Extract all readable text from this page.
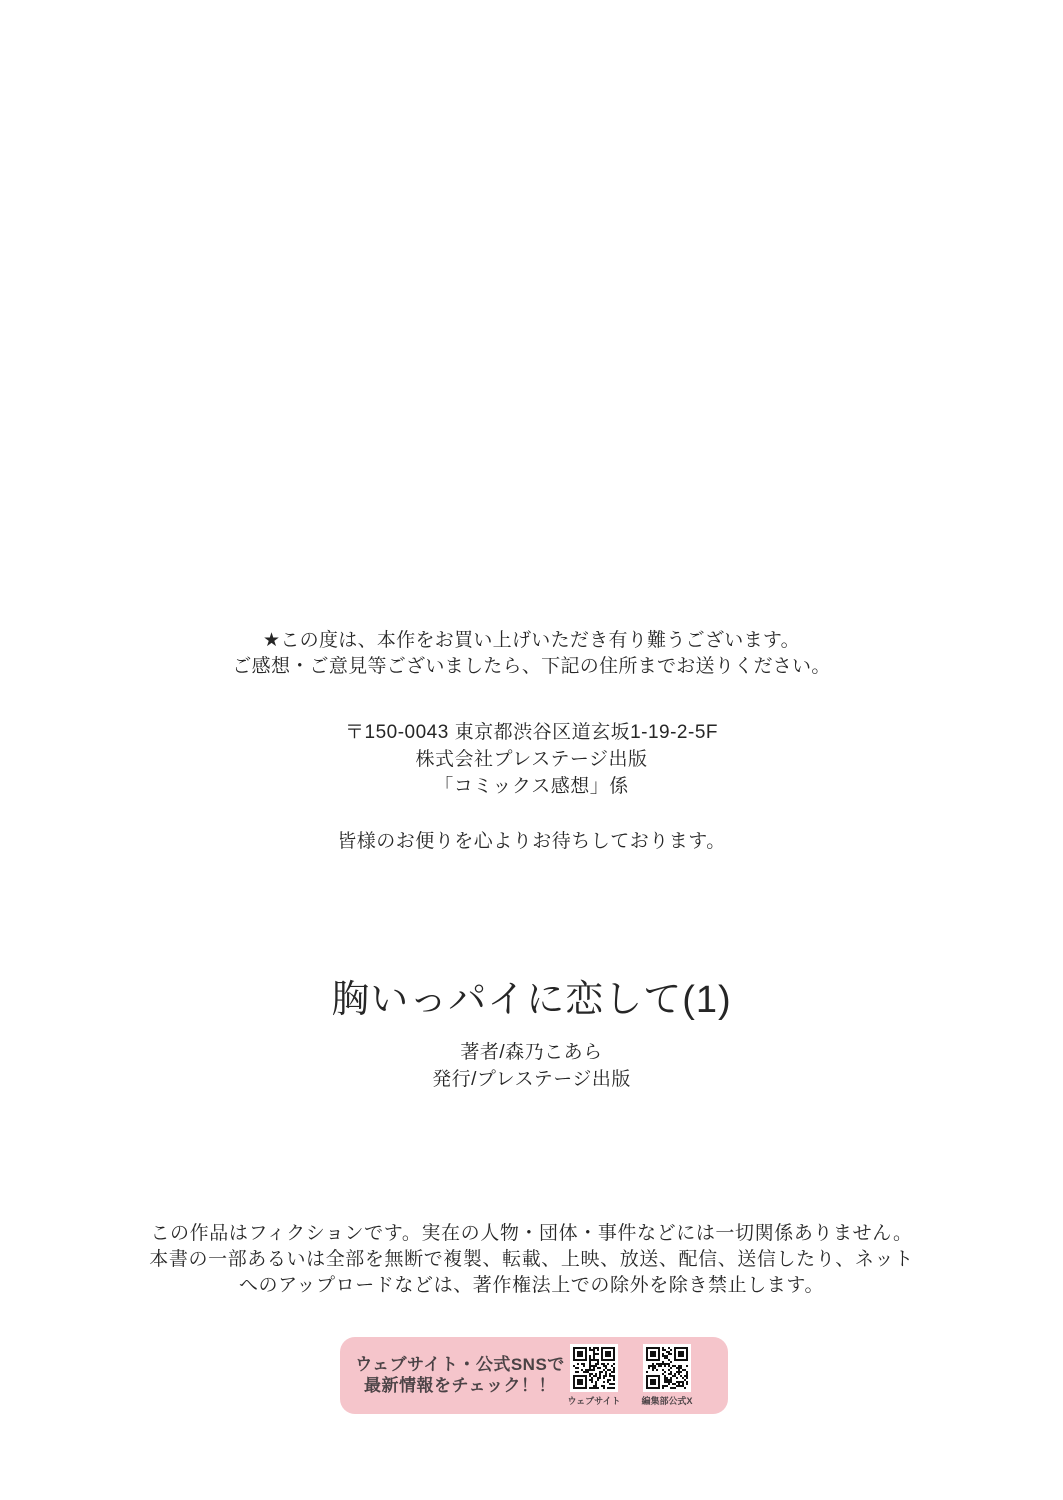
★この度は、本作をお買い上げいただき有り難うございます。
ご感想・ご意見等ございましたら、下記の住所までお送りください。
〒150-0043 東京都渋谷区道玄坂1-19-2-5F
株式会社プレステージ出版
「コミックス感想」係
皆様のお便りを心よりお待ちしております。
胸いっパイに恋して(1)
著者/森乃こあら
発行/プレステージ出版
この作品はフィクションです。実在の人物・団体・事件などには一切関係ありません。
本書の一部あるいは全部を無断で複製、転載、上映、放送、配信、送信したり、ネット
へのアップロードなどは、著作権法上での除外を除き禁止します。
ウェブサイト・公式SNSで
最新情報をチェック！！
ウェブサイト	編集部公式X
